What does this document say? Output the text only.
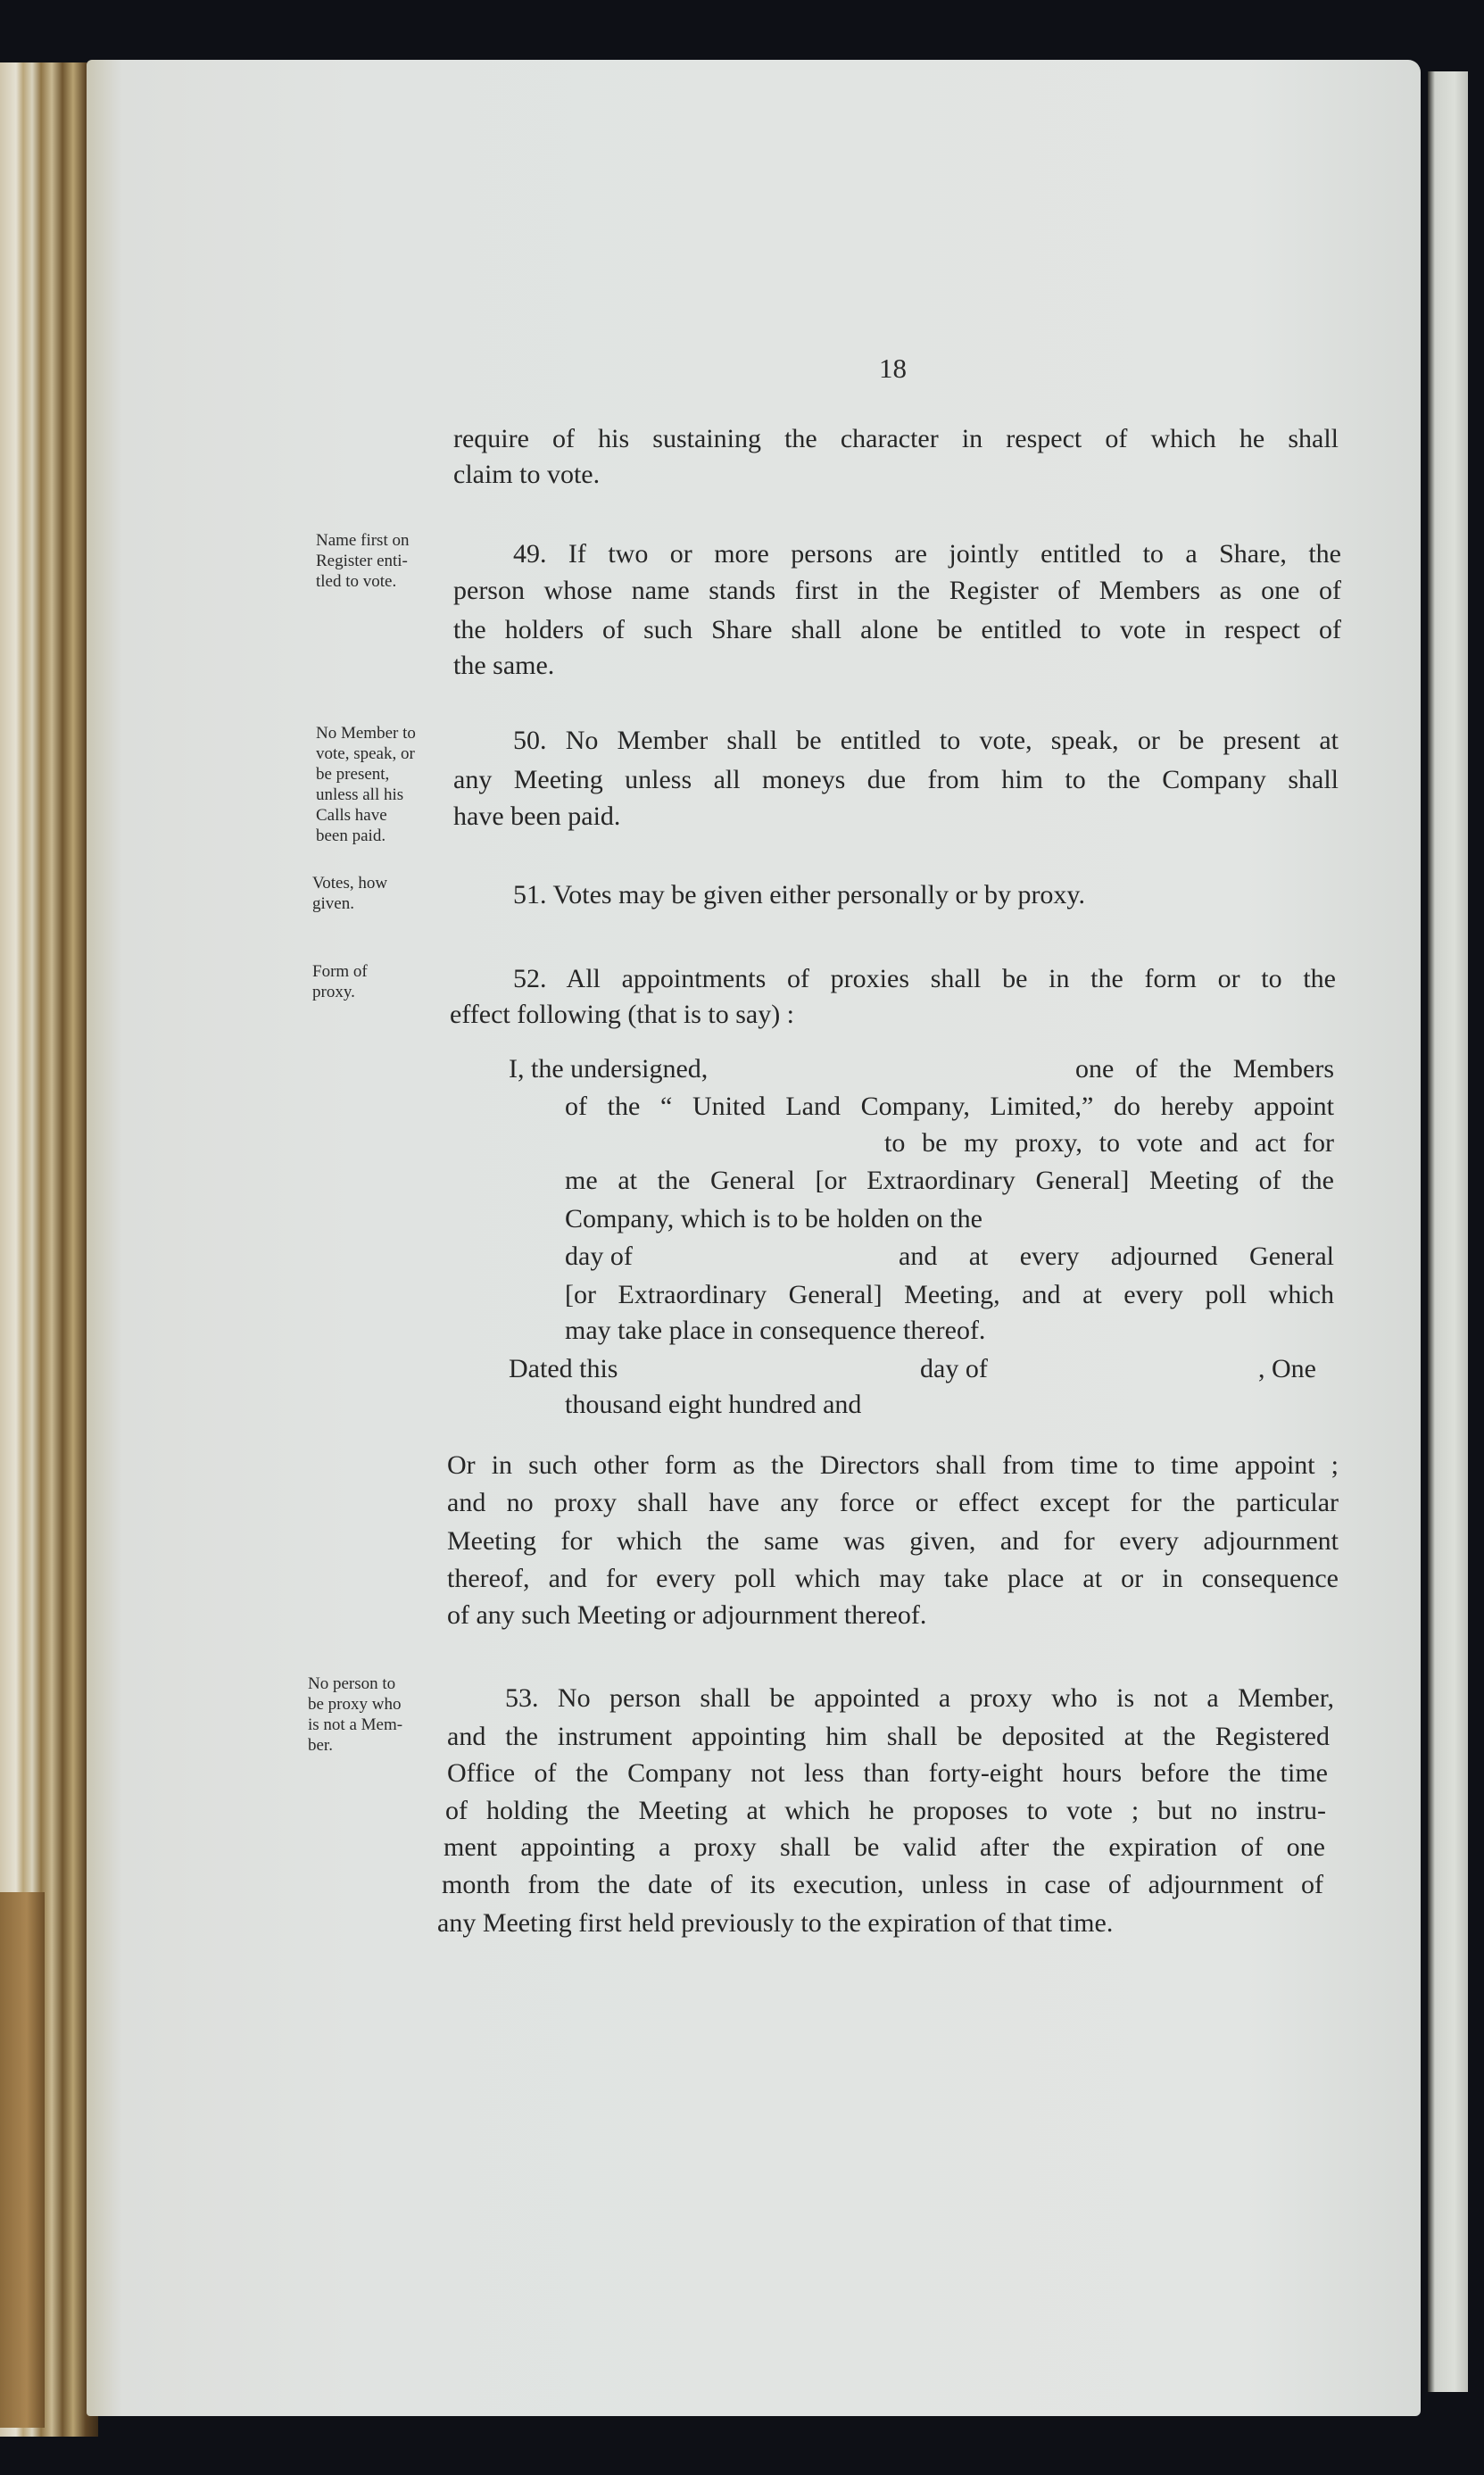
18
require of his sustaining the character in respect of which he shall
claim to vote.
Name first on
Register enti-
tled to vote.
49. If two or more persons are jointly entitled to a Share, the
person whose name stands first in the Register of Members as one of
the holders of such Share shall alone be entitled to vote in respect of
the same.
No Member to
vote, speak, or
be present,
unless all his
Calls have
been paid.
50. No Member shall be entitled to vote, speak, or be present at
any Meeting unless all moneys due from him to the Company shall
have been paid.
Votes, how
given.	51. Votes may be given either personally or by proxy.
Form of
proxy.	52. All appointments of proxies shall be in the form or to the
effect following (that is to say) :
I, the undersigned,	one of the Members
of the “ United Land Company, Limited,” do hereby appoint
to be my proxy, to vote and act for
me at the General [or Extraordinary General] Meeting of the
Company, which is to be holden on the
day of	and at every adjourned General
[or Extraordinary General] Meeting, and at every poll which
may take place in consequence thereof.
Dated this	day of	, One
thousand eight hundred and
Or in such other form as the Directors shall from time to time appoint ;
and no proxy shall have any force or effect except for the particular
Meeting for which the same was given, and for every adjournment
thereof, and for every poll which may take place at or in consequence
of any such Meeting or adjournment thereof.
No person to
be proxy who
is not a Mem-
ber.
53. No person shall be appointed a proxy who is not a Member,
and the instrument appointing him shall be deposited at the Registered
Office of the Company not less than forty-eight hours before the time
of holding the Meeting at which he proposes to vote ; but no instru-
ment appointing a proxy shall be valid after the expiration of one
month from the date of its execution, unless in case of adjournment of
any Meeting first held previously to the expiration of that time.
